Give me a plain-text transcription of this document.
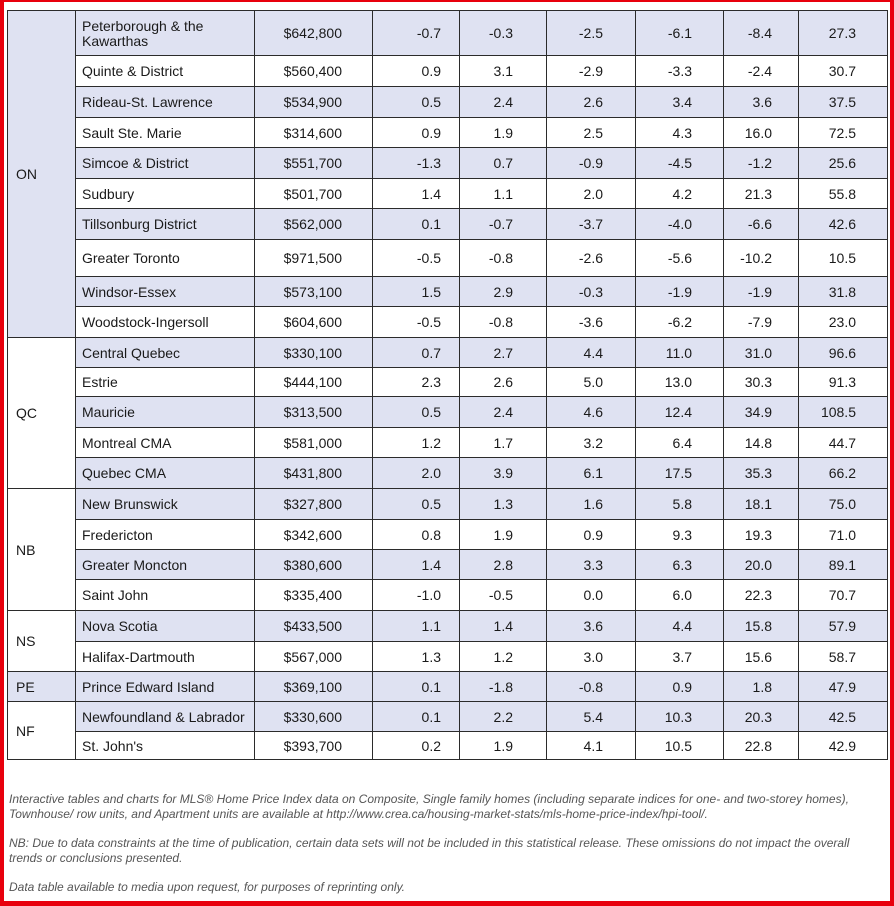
ON	Peterborough & the Kawarthas	$642,800	-0.7	-0.3	-2.5	-6.1	-8.4	27.3
	Quinte & District	$560,400	0.9	3.1	-2.9	-3.3	-2.4	30.7
	Rideau-St. Lawrence	$534,900	0.5	2.4	2.6	3.4	3.6	37.5
	Sault Ste. Marie	$314,600	0.9	1.9	2.5	4.3	16.0	72.5
	Simcoe & District	$551,700	-1.3	0.7	-0.9	-4.5	-1.2	25.6
	Sudbury	$501,700	1.4	1.1	2.0	4.2	21.3	55.8
	Tillsonburg District	$562,000	0.1	-0.7	-3.7	-4.0	-6.6	42.6
	Greater Toronto	$971,500	-0.5	-0.8	-2.6	-5.6	-10.2	10.5
	Windsor-Essex	$573,100	1.5	2.9	-0.3	-1.9	-1.9	31.8
	Woodstock-Ingersoll	$604,600	-0.5	-0.8	-3.6	-6.2	-7.9	23.0
QC	Central Quebec	$330,100	0.7	2.7	4.4	11.0	31.0	96.6
	Estrie	$444,100	2.3	2.6	5.0	13.0	30.3	91.3
	Mauricie	$313,500	0.5	2.4	4.6	12.4	34.9	108.5
	Montreal CMA	$581,000	1.2	1.7	3.2	6.4	14.8	44.7
	Quebec CMA	$431,800	2.0	3.9	6.1	17.5	35.3	66.2
NB	New Brunswick	$327,800	0.5	1.3	1.6	5.8	18.1	75.0
	Fredericton	$342,600	0.8	1.9	0.9	9.3	19.3	71.0
	Greater Moncton	$380,600	1.4	2.8	3.3	6.3	20.0	89.1
	Saint John	$335,400	-1.0	-0.5	0.0	6.0	22.3	70.7
NS	Nova Scotia	$433,500	1.1	1.4	3.6	4.4	15.8	57.9
	Halifax-Dartmouth	$567,000	1.3	1.2	3.0	3.7	15.6	58.7
PE	Prince Edward Island	$369,100	0.1	-1.8	-0.8	0.9	1.8	47.9
NF	Newfoundland & Labrador	$330,600	0.1	2.2	5.4	10.3	20.3	42.5
	St. John's	$393,700	0.2	1.9	4.1	10.5	22.8	42.9

Interactive tables and charts for MLS® Home Price Index data on Composite, Single family homes (including separate indices for one- and two-storey homes), Townhouse/ row units, and Apartment units are available at http://www.crea.ca/housing-market-stats/mls-home-price-index/hpi-tool/.

NB: Due to data constraints at the time of publication, certain data sets will not be included in this statistical release. These omissions do not impact the overall trends or conclusions presented.

Data table available to media upon request, for purposes of reprinting only.
